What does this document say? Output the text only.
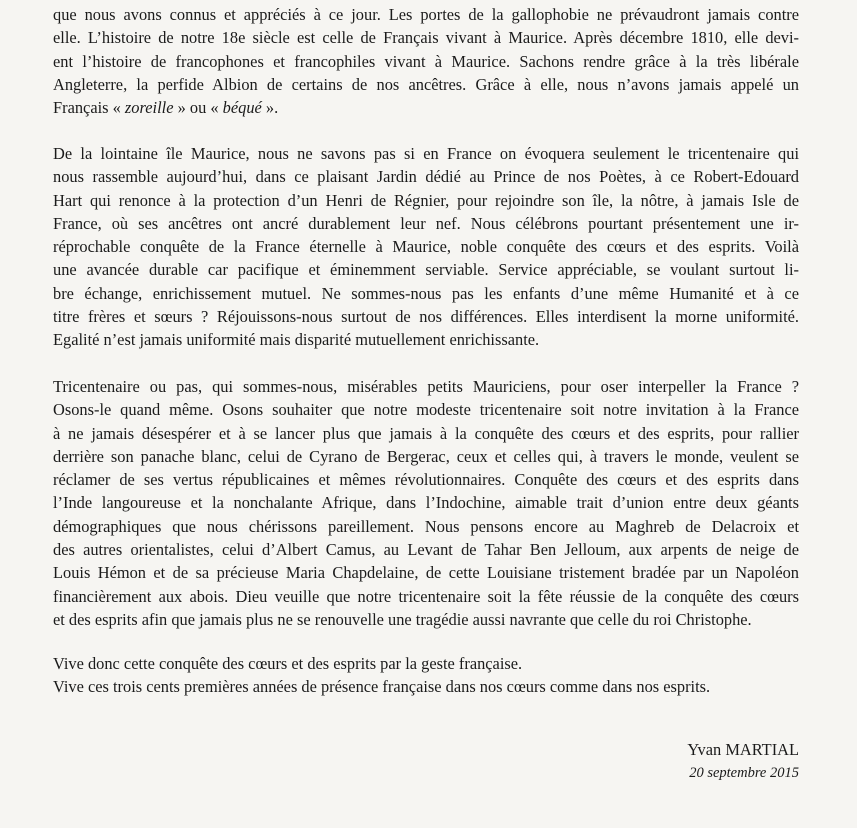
que nous avons connus et appréciés à ce jour. Les portes de la gallophobie ne prévaudront jamais contre
elle. L’histoire de notre 18e siècle est celle de Français vivant à Maurice. Après décembre 1810, elle devi-
ent l’histoire de francophones et francophiles vivant à Maurice. Sachons rendre grâce à la très libérale
Angleterre, la perfide Albion de certains de nos ancêtres. Grâce à elle, nous n’avons jamais appelé un
Français « zoreille » ou « béqué ».

De la lointaine île Maurice, nous ne savons pas si en France on évoquera seulement le tricentenaire qui
nous rassemble aujourd’hui, dans ce plaisant Jardin dédié au Prince de nos Poètes, à ce Robert-Edouard
Hart qui renonce à la protection d’un Henri de Régnier, pour rejoindre son île, la nôtre, à jamais Isle de
France, où ses ancêtres ont ancré durablement leur nef. Nous célébrons pourtant présentement une ir-
réprochable conquête de la France éternelle à Maurice, noble conquête des cœurs et des esprits. Voilà
une avancée durable car pacifique et éminemment serviable. Service appréciable, se voulant surtout li-
bre échange, enrichissement mutuel. Ne sommes-nous pas les enfants d’une même Humanité et à ce
titre frères et sœurs ? Réjouissons-nous surtout de nos différences. Elles interdisent la morne uniformité.
Egalité n’est jamais uniformité mais disparité mutuellement enrichissante.

Tricentenaire ou pas, qui sommes-nous, misérables petits Mauriciens, pour oser interpeller la France ?
Osons-le quand même. Osons souhaiter que notre modeste tricentenaire soit notre invitation à la France
à ne jamais désespérer et à se lancer plus que jamais à la conquête des cœurs et des esprits, pour rallier
derrière son panache blanc, celui de Cyrano de Bergerac, ceux et celles qui, à travers le monde, veulent se
réclamer de ses vertus républicaines et mêmes révolutionnaires. Conquête des cœurs et des esprits dans
l’Inde langoureuse et la nonchalante Afrique, dans l’Indochine, aimable trait d’union entre deux géants
démographiques que nous chérissons pareillement. Nous pensons encore au Maghreb de Delacroix et
des autres orientalistes, celui d’Albert Camus, au Levant de Tahar Ben Jelloum, aux arpents de neige de
Louis Hémon et de sa précieuse Maria Chapdelaine, de cette Louisiane tristement bradée par un Napoléon
financièrement aux abois. Dieu veuille que notre tricentenaire soit la fête réussie de la conquête des cœurs
et des esprits afin que jamais plus ne se renouvelle une tragédie aussi navrante que celle du roi Christophe.

Vive donc cette conquête des cœurs et des esprits par la geste française.
Vive ces trois cents premières années de présence française dans nos cœurs comme dans nos esprits.

Yvan MARTIAL
20 septembre 2015
